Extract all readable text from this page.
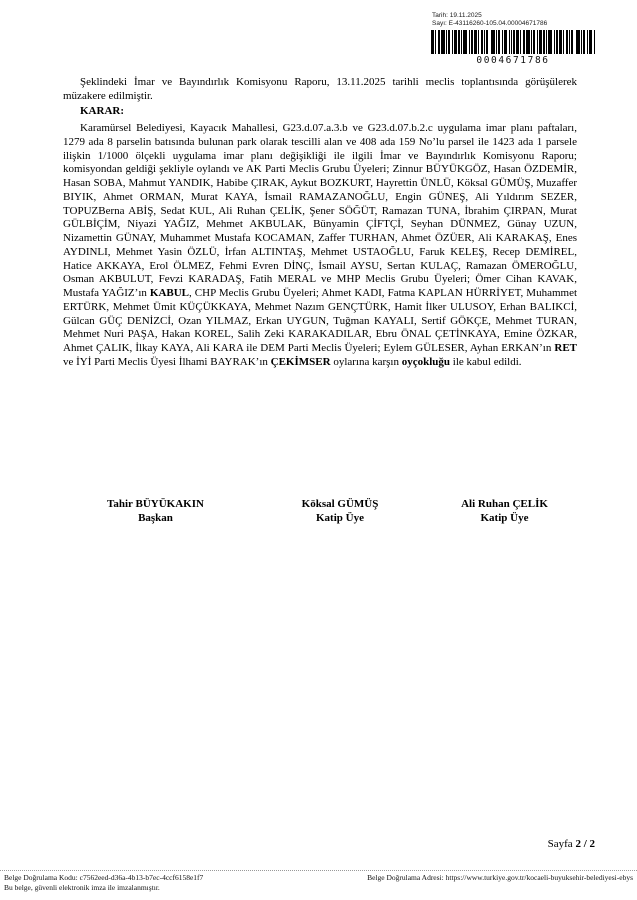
Tarih: 19.11.2025
Sayı: E-43116260-105.04.00004671786
0004671786

Şeklindeki İmar ve Bayındırlık Komisyonu Raporu, 13.11.2025 tarihli meclis toplantısında görüşülerek müzakere edilmiştir.

KARAR:

Karamürsel Belediyesi, Kayacık Mahallesi, G23.d.07.a.3.b ve G23.d.07.b.2.c uygulama imar planı paftaları, 1279 ada 8 parselin batısında bulunan park olarak tescilli alan ve 408 ada 159 No’lu parsel ile 1423 ada 1 parsele ilişkin 1/1000 ölçekli uygulama imar planı değişikliği ile ilgili İmar ve Bayındırlık Komisyonu Raporu; komisyondan geldiği şekliyle oylandı ve AK Parti Meclis Grubu Üyeleri; Zinnur BÜYÜKGÖZ, Hasan ÖZDEMİR, Hasan SOBA, Mahmut YANDIK, Habibe ÇIRAK, Aykut BOZKURT, Hayrettin ÜNLÜ, Köksal GÜMÜŞ, Muzaffer BIYIK, Ahmet ORMAN, Murat KAYA, İsmail RAMAZANOĞLU, Engin GÜNEŞ, Ali Yıldırım SEZER, TOPUZBerna ABİŞ, Sedat KUL, Ali Ruhan ÇELİK, Şener SÖĞÜT, Ramazan TUNA, İbrahim ÇIRPAN, Murat GÜLBİÇİM, Niyazi YAĞIZ, Mehmet AKBULAK, Bünyamin ÇİFTÇİ, Seyhan DÜNMEZ, Günay UZUN, Nizamettin GÜNAY, Muhammet Mustafa KOCAMAN, Zaffer TURHAN, Ahmet ÖZÜER, Ali KARAKAŞ, Enes AYDINLI, Mehmet Yasin ÖZLÜ, İrfan ALTINTAŞ, Mehmet USTAOĞLU, Faruk KELEŞ, Recep DEMİREL, Hatice AKKAYA, Erol ÖLMEZ, Fehmi Evren DİNÇ, İsmail AYSU, Sertan KULAÇ, Ramazan ÖMEROĞLU, Osman AKBULUT, Fevzi KARADAŞ, Fatih MERAL ve MHP Meclis Grubu Üyeleri; Ömer Cihan KAVAK, Mustafa YAĞIZ’ın KABUL, CHP Meclis Grubu Üyeleri; Ahmet KADI, Fatma KAPLAN HÜRRİYET, Muhammet ERTÜRK, Mehmet Ümit KÜÇÜKKAYA, Mehmet Nazım GENÇTÜRK, Hamit İlker ULUSOY, Erhan BALIKCİ, Gülcan GÜÇ DENİZCİ, Ozan YILMAZ, Erkan UYGUN, Tuğman KAYALI, Sertif GÖKÇE, Mehmet TURAN, Mehmet Nuri PAŞA, Hakan KOREL, Salih Zeki KARAKADILAR, Ebru ÖNAL ÇETİNKAYA, Emine ÖZKAR, Ahmet ÇALIK, İlkay KAYA, Ali KARA ile DEM Parti Meclis Üyeleri; Eylem GÜLESER, Ayhan ERKAN’ın RET ve İYİ Parti Meclis Üyesi İlhami BAYRAK’ın ÇEKİMSER oylarına karşın oyçokluğu ile kabul edildi.

Tahir BÜYÜKAKIN
Başkan
Köksal GÜMÜŞ
Katip Üye
Ali Ruhan ÇELİK
Katip Üye
Sayfa 2 / 2
Belge Doğrulama Kodu: c7562eed-d36a-4b13-b7ec-4ccf6158e1f7	Belge Doğrulama Adresi: https://www.turkiye.gov.tr/kocaeli-buyuksehir-belediyesi-ebys
Bu belge, güvenli elektronik imza ile imzalanmıştır.
